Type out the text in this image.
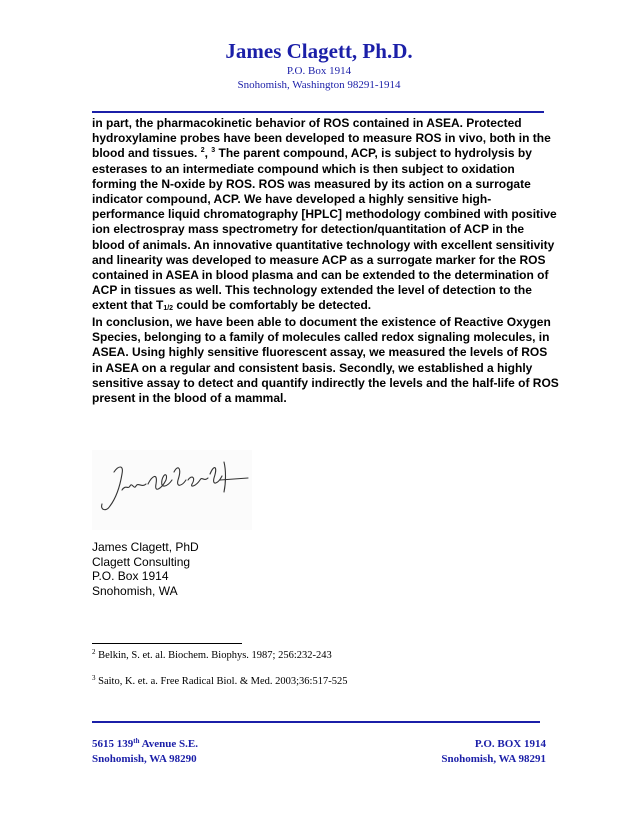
James Clagett, Ph.D.
P.O. Box 1914
Snohomish, Washington 98291-1914

in part, the pharmacokinetic behavior of ROS contained in ASEA. Protected
hydroxylamine probes have been developed to measure ROS in vivo, both in the
blood and tissues. $^2$, $^3$ The parent compound, ACP, is subject to hydrolysis by
esterases to an intermediate compound which is then subject to oxidation
forming the N-oxide by ROS. ROS was measured by its action on a surrogate
indicator compound, ACP. We have developed a highly sensitive high-
performance liquid chromatography [HPLC] methodology combined with positive
ion electrospray mass spectrometry for detection/quantitation of ACP in the
blood of animals. An innovative quantitative technology with excellent sensitivity
and linearity was developed to measure ACP as a surrogate marker for the ROS
contained in ASEA in blood plasma and can be extended to the determination of
ACP in tissues as well. This technology extended the level of detection to the
extent that $T_{1/2}$ could be comfortably be detected.

In conclusion, we have been able to document the existence of Reactive Oxygen
Species, belonging to a family of molecules called redox signaling molecules, in
ASEA. Using highly sensitive fluorescent assay, we measured the levels of ROS
in ASEA on a regular and consistent basis. Secondly, we established a highly
sensitive assay to detect and quantify indirectly the levels and the half-life of ROS
present in the blood of a mammal.

James Clagett, PhD
Clagett Consulting
P.O. Box 1914
Snohomish, WA
$^2$ Belkin, S. et. al. Biochem. Biophys. 1987; 256:232-243
$^3$ Saito, K. et. a. Free Radical Biol. & Med. 2003;36:517-525
5615 139th Avenue S.E.
Snohomish, WA 98290
P.O. BOX 1914
Snohomish, WA 98291
